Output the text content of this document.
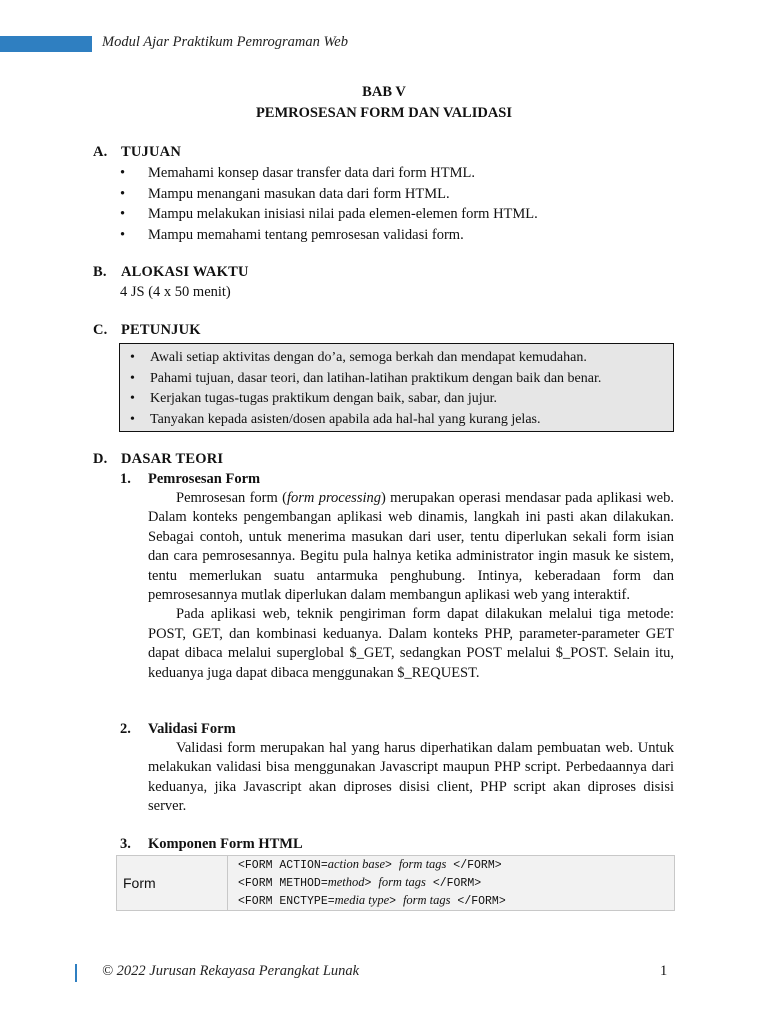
Modul Ajar Praktikum Pemrograman Web
BAB V
PEMROSESAN FORM DAN VALIDASI
A. TUJUAN
• Memahami konsep dasar transfer data dari form HTML.
• Mampu menangani masukan data dari form HTML.
• Mampu melakukan inisiasi nilai pada elemen-elemen form HTML.
• Mampu memahami tentang pemrosesan validasi form.
B. ALOKASI WAKTU
4 JS (4 x 50 menit)
C. PETUNJUK
• Awali setiap aktivitas dengan do’a, semoga berkah dan mendapat kemudahan.
• Pahami tujuan, dasar teori, dan latihan-latihan praktikum dengan baik dan benar.
• Kerjakan tugas-tugas praktikum dengan baik, sabar, dan jujur.
• Tanyakan kepada asisten/dosen apabila ada hal-hal yang kurang jelas.
D. DASAR TEORI
1. Pemrosesan Form

Pemrosesan form (form processing) merupakan operasi mendasar pada aplikasi web. Dalam konteks pengembangan aplikasi web dinamis, langkah ini pasti akan dilakukan. Sebagai contoh, untuk menerima masukan dari user, tentu diperlukan sekali form isian dan cara pemrosesannya. Begitu pula halnya ketika administrator ingin masuk ke sistem, tentu memerlukan suatu antarmuka penghubung. Intinya, keberadaan form dan pemrosesannya mutlak diperlukan dalam membangun aplikasi web yang interaktif.

Pada aplikasi web, teknik pengiriman form dapat dilakukan melalui tiga metode: POST, GET, dan kombinasi keduanya. Dalam konteks PHP, parameter-parameter GET dapat dibaca melalui superglobal $_GET, sedangkan POST melalui $_POST. Selain itu, keduanya juga dapat dibaca menggunakan $_REQUEST.

2. Validasi Form

Validasi form merupakan hal yang harus diperhatikan dalam pembuatan web. Untuk melakukan validasi bisa menggunakan Javascript maupun PHP script. Perbedaannya dari keduanya, jika Javascript akan diproses disisi client, PHP script akan diproses disisi server.

3. Komponen Form HTML
Form	
<FORM ACTION=action base> form tags </FORM>
<FORM METHOD=method> form tags </FORM>
<FORM ENCTYPE=media type> form tags </FORM>
© 2022 Jurusan Rekayasa Perangkat Lunak	1
